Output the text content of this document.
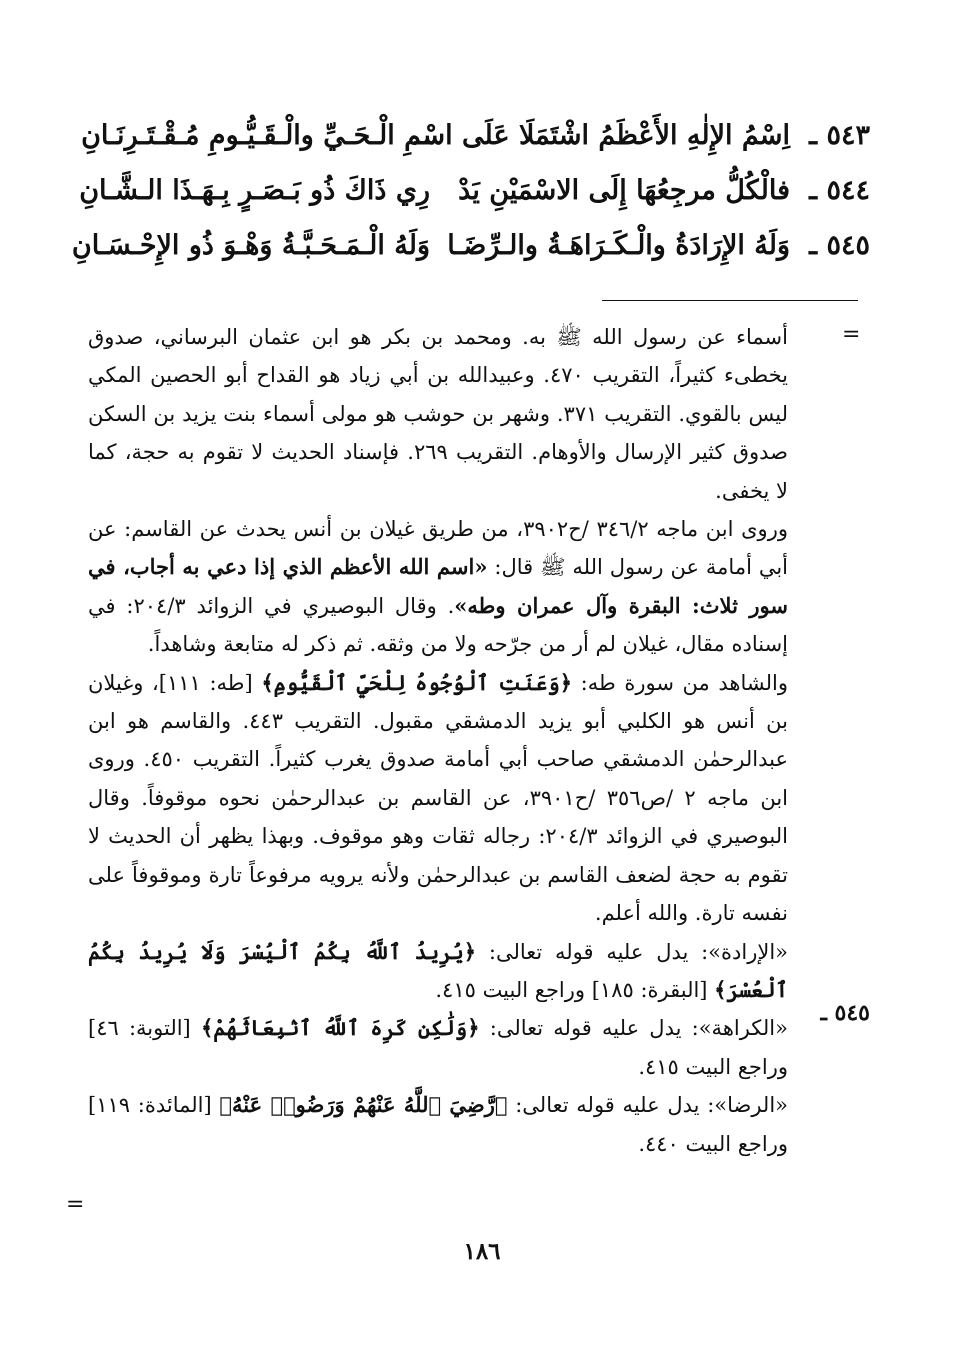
٥٤٣ ـ
اِسْمُ الإِلٰهِ الأَعْظَمُ اشْتَمَلَا عَلَى اسْـ
ـمِ الْـحَـيِّ والْـقَـيُّـومِ مُـقْـتَـرِنَـانِ
٥٤٤ ـ
فالْكُلُّ مرجِعُهَا إِلَى الاسْمَيْنِ يَدْ
رِي ذَاكَ ذُو بَـصَـرٍ بِـهَـذَا الـشَّـانِ
٥٤٥ ـ
وَلَهُ الإِرَادَةُ والْـكَـرَاهَـةُ والـرِّضَـا
وَلَهُ الْـمَـحَـبَّـةُ وَهْـوَ ذُو الإِحْـسَـانِ
=

أسماء عن رسول الله ﷺ به. ومحمد بن بكر هو ابن عثمان البرساني، صدوق يخطىء كثيراً، التقريب ٤٧٠. وعبيدالله بن أبي زياد هو القداح أبو الحصين المكي ليس بالقوي. التقريب ٣٧١. وشهر بن حوشب هو مولى أسماء بنت يزيد بن السكن صدوق كثير الإرسال والأوهام. التقريب ٢٦٩. فإسناد الحديث لا تقوم به حجة، كما لا يخفى.

وروى ابن ماجه ٣٤٦/٢ /ح٣٩٠٢، من طريق غيلان بن أنس يحدث عن القاسم: عن أبي أمامة عن رسول الله ﷺ قال: «اسم الله الأعظم الذي إذا دعي به أجاب، في سور ثلاث: البقرة وآل عمران وطه». وقال البوصيري في الزوائد ٢٠٤/٣: في إسناده مقال، غيلان لم أر من جرّحه ولا من وثقه. ثم ذكر له متابعة وشاهداً.

والشاهد من سورة طه: ﴿وَعَنَتِ ٱلْوُجُوهُ لِلْحَيِّ ٱلْقَيُّومِ﴾ [طه: ١١١]، وغيلان بن أنس هو الكلبي أبو يزيد الدمشقي مقبول. التقريب ٤٤٣. والقاسم هو ابن عبدالرحمٰن الدمشقي صاحب أبي أمامة صدوق يغرب كثيراً. التقريب ٤٥٠. وروى ابن ماجه ٢ /ص٣٥٦ /ح٣٩٠١، عن القاسم بن عبدالرحمٰن نحوه موقوفاً. وقال البوصيري في الزوائد ٢٠٤/٣: رجاله ثقات وهو موقوف. وبهذا يظهر أن الحديث لا تقوم به حجة لضعف القاسم بن عبدالرحمٰن ولأنه يرويه مرفوعاً تارة وموقوفاً على نفسه تارة. والله أعلم.

«الإرادة»: يدل عليه قوله تعالى: ﴿يُرِيدُ ٱللَّهُ بِكُمُ ٱلْيُسْرَ وَلَا يُرِيدُ بِكُمُ ٱلْعُسْرَ﴾ [البقرة: ١٨٥] وراجع البيت ٤١٥.

«الكراهة»: يدل عليه قوله تعالى: ﴿وَلَٰكِن كَرِهَ ٱللَّهُ ٱنۢبِعَاثَهُمْ﴾ [التوبة: ٤٦] وراجع البيت ٤١٥.

«الرضا»: يدل عليه قوله تعالى: ﴿رَّضِيَ ٱللَّهُ عَنْهُمْ وَرَضُوا۟ عَنْهُ﴾ [المائدة: ١١٩] وراجع البيت ٤٤٠.

٥٤٥ ـ
=
١٨٦
